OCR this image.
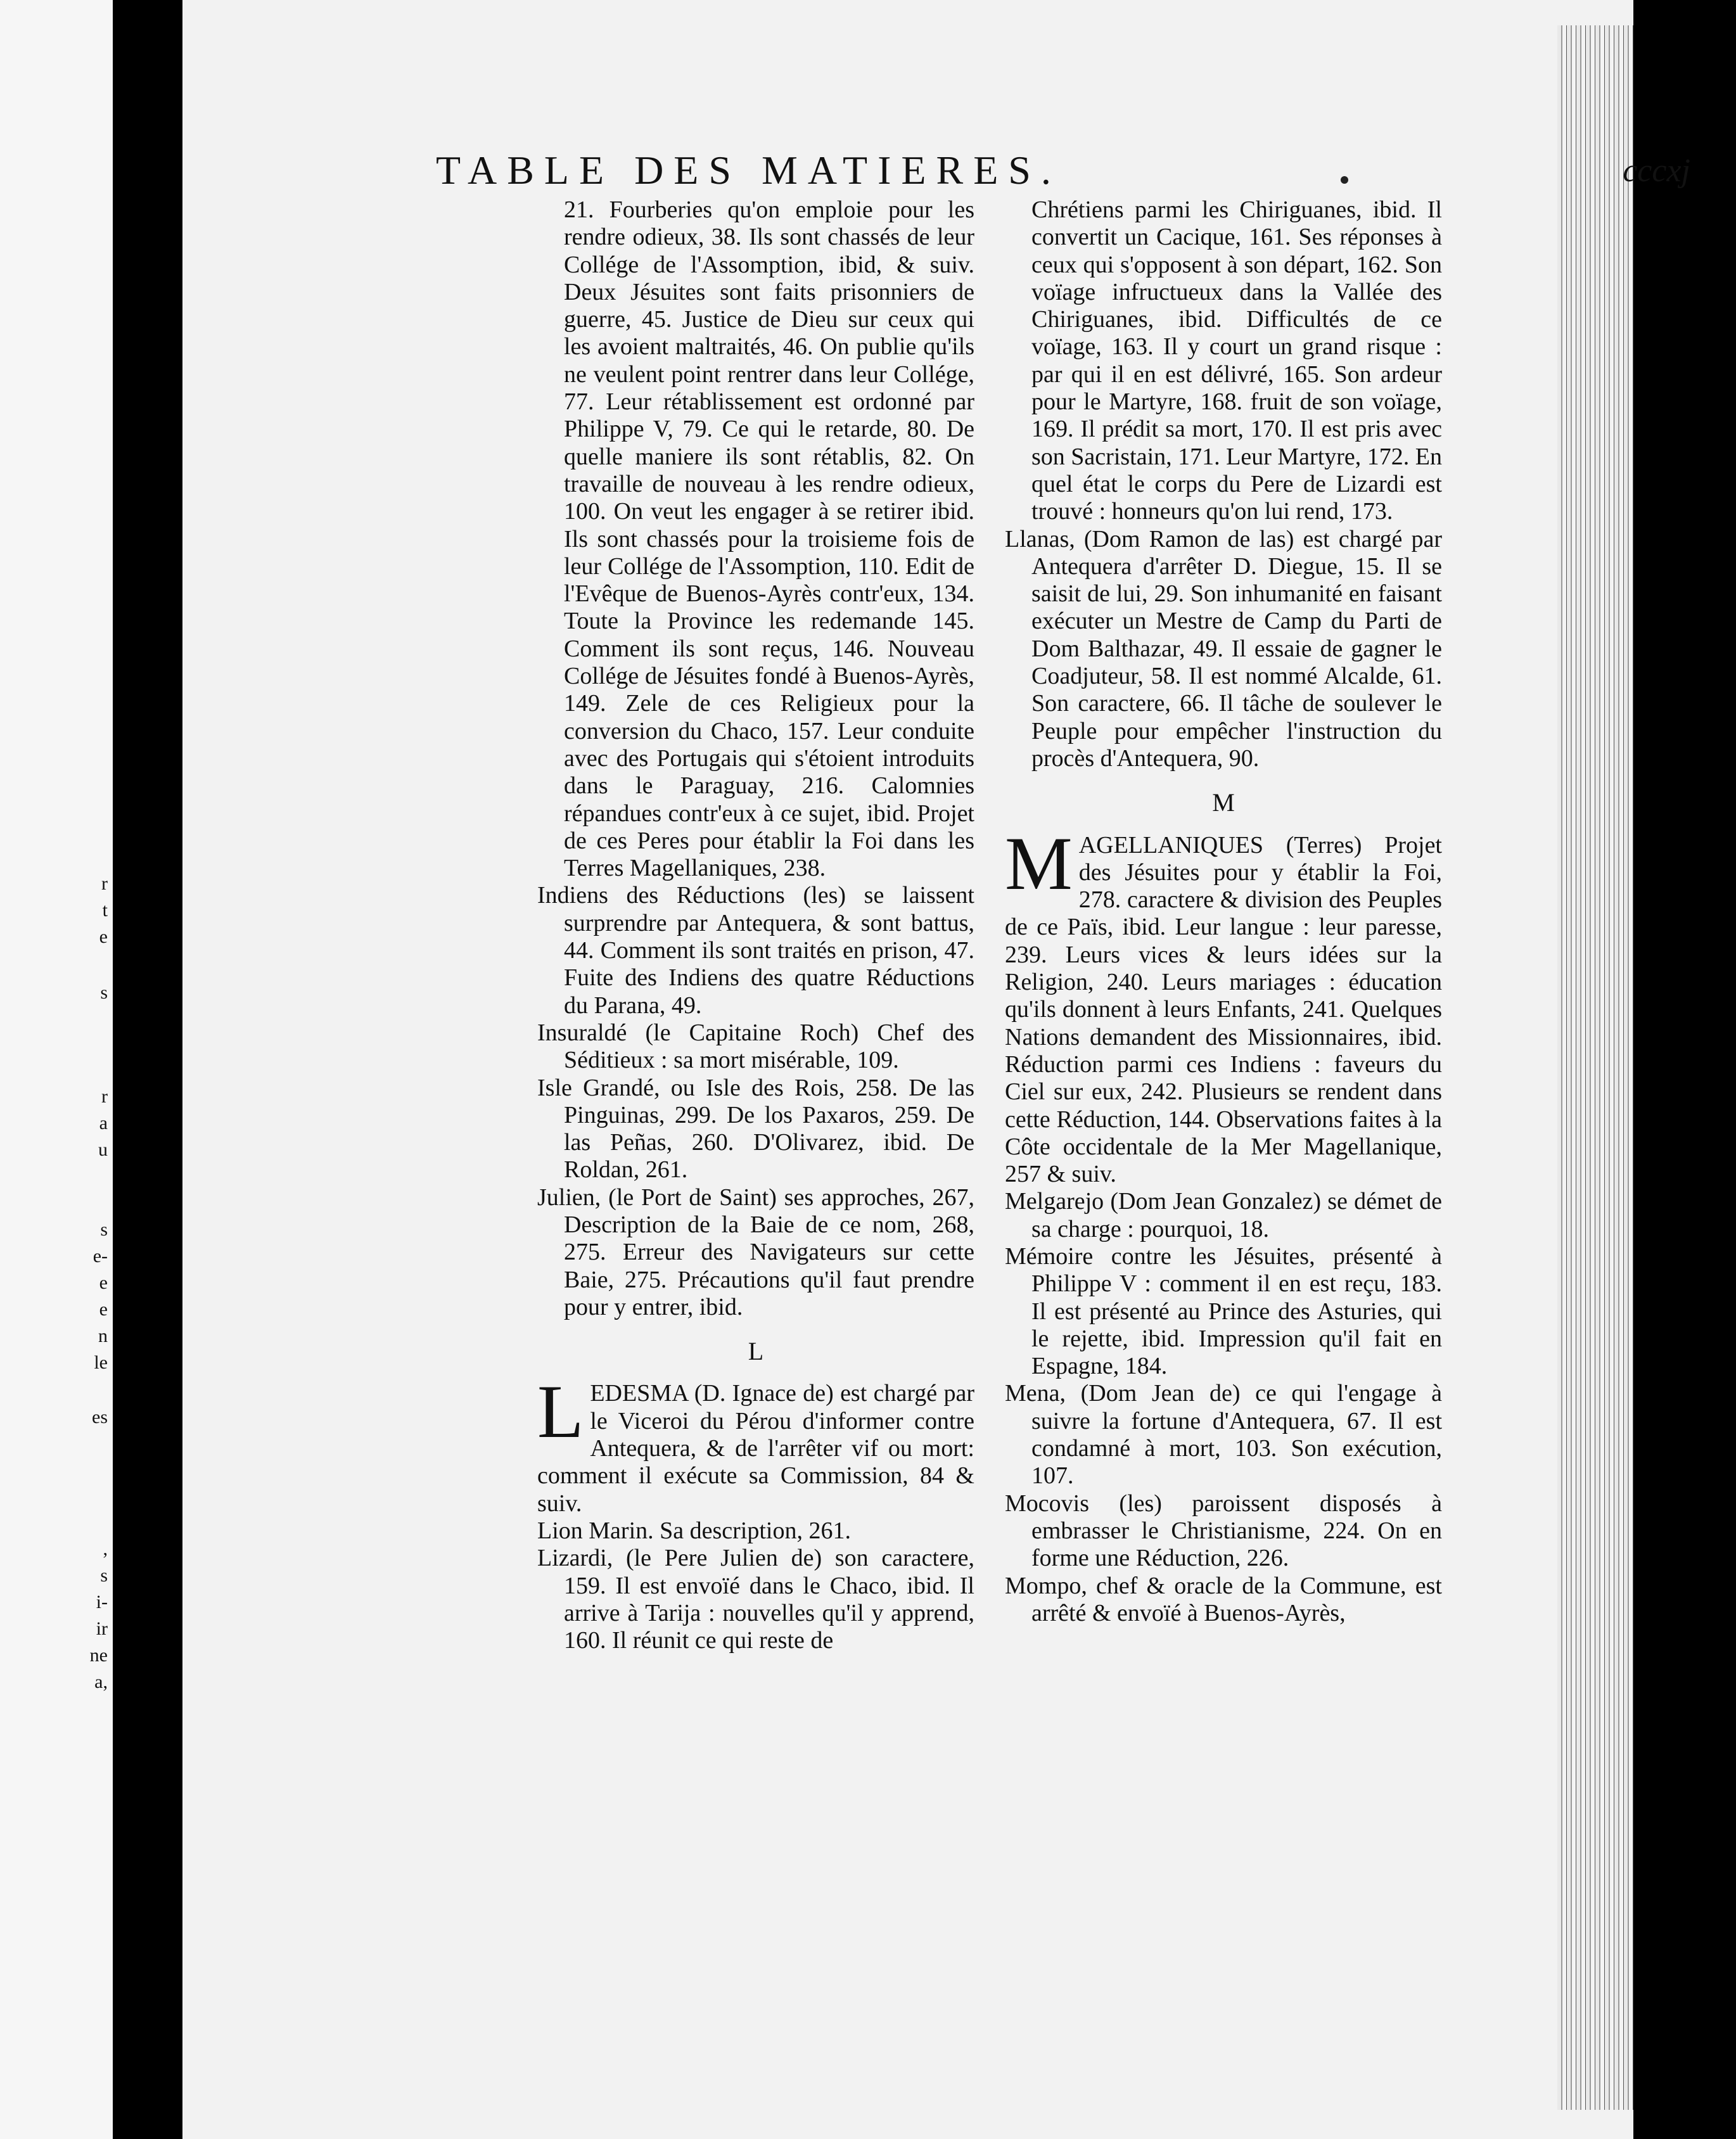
r
t
e
s
r
a
u
s
e-
e
e
n
le
es
,
s
i-
ir
ne
a,
TABLE DES MATIERES.	cccxj

21. Fourberies qu'on emploie pour les rendre odieux, 38. Ils sont chassés de leur Collége de l'Assomption, ibid, & suiv. Deux Jésuites sont faits prisonniers de guerre, 45. Justice de Dieu sur ceux qui les avoient maltraités, 46. On publie qu'ils ne veulent point rentrer dans leur Collége, 77. Leur rétablissement est ordonné par Philippe V, 79. Ce qui le retarde, 80. De quelle maniere ils sont rétablis, 82. On travaille de nouveau à les rendre odieux, 100. On veut les engager à se retirer ibid. Ils sont chassés pour la troisieme fois de leur Collége de l'Assomption, 110. Edit de l'Evêque de Buenos-Ayrès contr'eux, 134. Toute la Province les redemande 145. Comment ils sont reçus, 146. Nouveau Collége de Jésuites fondé à Buenos-Ayrès, 149. Zele de ces Religieux pour la conversion du Chaco, 157. Leur conduite avec des Portugais qui s'étoient introduits dans le Paraguay, 216. Calomnies répandues contr'eux à ce sujet, ibid. Projet de ces Peres pour établir la Foi dans les Terres Magellaniques, 238.

Indiens des Réductions (les) se laissent surprendre par Antequera, & sont battus, 44. Comment ils sont traités en prison, 47. Fuite des Indiens des quatre Réductions du Parana, 49.

Insuraldé (le Capitaine Roch) Chef des Séditieux : sa mort misérable, 109.

Isle Grandé, ou Isle des Rois, 258. De las Pinguinas, 299. De los Paxaros, 259. De las Peñas, 260. D'Olivarez, ibid. De Roldan, 261.

Julien, (le Port de Saint) ses approches, 267, Description de la Baie de ce nom, 268, 275. Erreur des Navigateurs sur cette Baie, 275. Précautions qu'il faut prendre pour y entrer, ibid.

L

L EDESMA (D. Ignace de) est chargé par le Viceroi du Pérou d'informer contre Antequera, & de l'arrêter vif ou mort: comment il exécute sa Commission, 84 & suiv.

Lion Marin. Sa description, 261.

Lizardi, (le Pere Julien de) son caractere, 159. Il est envoïé dans le Chaco, ibid. Il arrive à Tarija : nouvelles qu'il y apprend, 160. Il réunit ce qui reste de

Chrétiens parmi les Chiriguanes, ibid. Il convertit un Cacique, 161. Ses réponses à ceux qui s'opposent à son départ, 162. Son voïage infructueux dans la Vallée des Chiriguanes, ibid. Difficultés de ce voïage, 163. Il y court un grand risque : par qui il en est délivré, 165. Son ardeur pour le Martyre, 168. fruit de son voïage, 169. Il prédit sa mort, 170. Il est pris avec son Sacristain, 171. Leur Martyre, 172. En quel état le corps du Pere de Lizardi est trouvé : honneurs qu'on lui rend, 173.

Llanas, (Dom Ramon de las) est chargé par Antequera d'arrêter D. Diegue, 15. Il se saisit de lui, 29. Son inhumanité en faisant exécuter un Mestre de Camp du Parti de Dom Balthazar, 49. Il essaie de gagner le Coadjuteur, 58. Il est nommé Alcalde, 61. Son caractere, 66. Il tâche de soulever le Peuple pour empêcher l'instruction du procès d'Antequera, 90.

M

M AGELLANIQUES (Terres) Projet des Jésuites pour y établir la Foi, 278. caractere & division des Peuples de ce Païs, ibid. Leur langue : leur paresse, 239. Leurs vices & leurs idées sur la Religion, 240. Leurs mariages : éducation qu'ils donnent à leurs Enfants, 241. Quelques Nations demandent des Missionnaires, ibid. Réduction parmi ces Indiens : faveurs du Ciel sur eux, 242. Plusieurs se rendent dans cette Réduction, 144. Observations faites à la Côte occidentale de la Mer Magellanique, 257 & suiv.

Melgarejo (Dom Jean Gonzalez) se démet de sa charge : pourquoi, 18.

Mémoire contre les Jésuites, présenté à Philippe V : comment il en est reçu, 183. Il est présenté au Prince des Asturies, qui le rejette, ibid. Impression qu'il fait en Espagne, 184.

Mena, (Dom Jean de) ce qui l'engage à suivre la fortune d'Antequera, 67. Il est condamné à mort, 103. Son exécution, 107.

Mocovis (les) paroissent disposés à embrasser le Christianisme, 224. On en forme une Réduction, 226.

Mompo, chef & oracle de la Commune, est arrêté & envoïé à Buenos-Ayrès,
